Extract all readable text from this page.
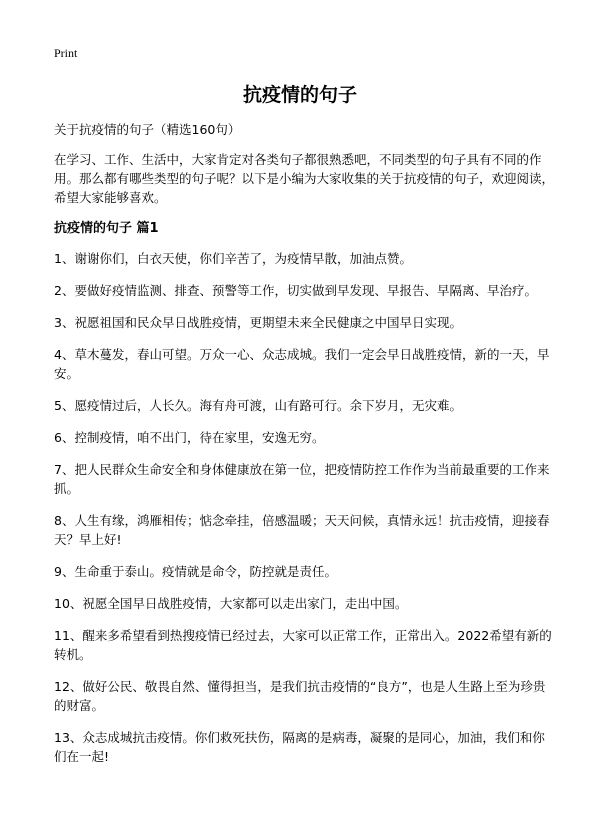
Print
抗疫情的句子

关于抗疫情的句子（精选160句）

在学习、工作、生活中，大家肯定对各类句子都很熟悉吧，不同类型的句子具有不同的作用。那么都有哪些类型的句子呢？以下是小编为大家收集的关于抗疫情的句子，欢迎阅读，希望大家能够喜欢。

抗疫情的句子 篇1

1、谢谢你们，白衣天使，你们辛苦了，为疫情早散，加油点赞。

2、要做好疫情监测、排查、预警等工作，切实做到早发现、早报告、早隔离、早治疗。

3、祝愿祖国和民众早日战胜疫情，更期望未来全民健康之中国早日实现。

4、草木蔓发，春山可望。万众一心、众志成城。我们一定会早日战胜疫情，新的一天，早安。

5、愿疫情过后，人长久。海有舟可渡，山有路可行。余下岁月，无灾难。

6、控制疫情，咱不出门，待在家里，安逸无穷。

7、把人民群众生命安全和身体健康放在第一位，把疫情防控工作作为当前最重要的工作来抓。

8、人生有缘，鸿雁相传；惦念牵挂，倍感温暖；天天问候，真情永远！抗击疫情，迎接春天？早上好!

9、生命重于泰山。疫情就是命令，防控就是责任。

10、祝愿全国早日战胜疫情，大家都可以走出家门，走出中国。

11、醒来多希望看到热搜疫情已经过去，大家可以正常工作，正常出入。2022希望有新的转机。

12、做好公民、敬畏自然、懂得担当，是我们抗击疫情的“良方”，也是人生路上至为珍贵的财富。

13、众志成城抗击疫情。你们救死扶伤，隔离的是病毒，凝聚的是同心，加油，我们和你们在一起!
